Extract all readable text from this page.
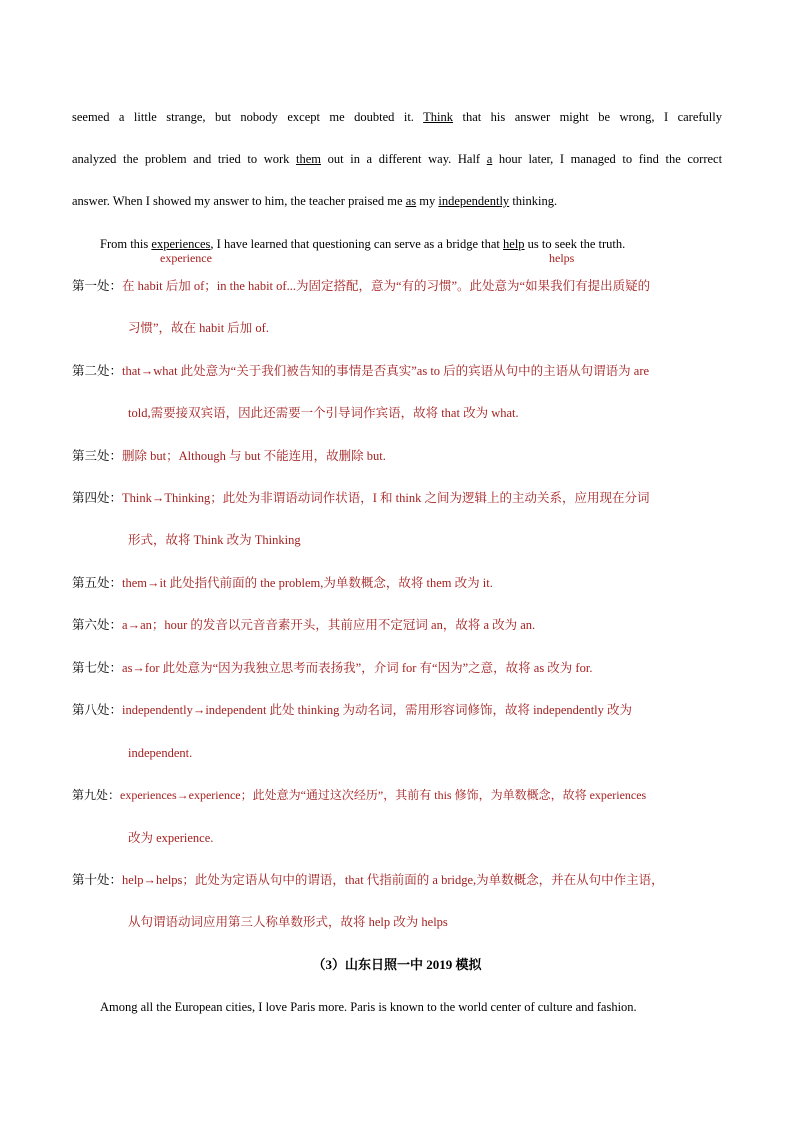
seemed a little strange, but nobody except me doubted it. Think that his answer might be wrong, I carefully
analyzed the problem and tried to work them out in a different way. Half a hour later, I managed to find the correct
answer. When I showed my answer to him, the teacher praised me as my independently thinking.
From this experiences, I have learned that questioning can serve as a bridge that help us to seek the truth.
experience	helps
第一处：在 habit 后加 of；in the habit of...为固定搭配，意为“有的习惯”。此处意为“如果我们有提出质疑的
习惯”，故在 habit 后加 of.
第二处：that→what 此处意为“关于我们被告知的事情是否真实”as to 后的宾语从句中的主语从句谓语为 are
told,需要接双宾语，因此还需要一个引导词作宾语，故将 that 改为 what.
第三处：删除 but；Although 与 but 不能连用，故删除 but.
第四处：Think→Thinking；此处为非谓语动词作状语，I 和 think 之间为逻辑上的主动关系，应用现在分词
形式，故将 Think 改为 Thinking
第五处：them→it 此处指代前面的 the problem,为单数概念，故将 them 改为 it.
第六处：a→an；hour 的发音以元音音素开头，其前应用不定冠词 an，故将 a 改为 an.
第七处：as→for 此处意为“因为我独立思考而表扬我”，介词 for 有“因为”之意，故将 as 改为 for.
第八处：independently→independent 此处 thinking 为动名词，需用形容词修饰，故将 independently 改为
independent.
第九处：experiences→experience；此处意为“通过这次经历”，其前有 this 修饰，为单数概念，故将 experiences
改为 experience.
第十处：help→helps；此处为定语从句中的谓语，that 代指前面的 a bridge,为单数概念，并在从句中作主语，
从句谓语动词应用第三人称单数形式，故将 help 改为 helps
（3）山东日照一中 2019 模拟
Among all the European cities, I love Paris more. Paris is known to the world center of culture and fashion.
